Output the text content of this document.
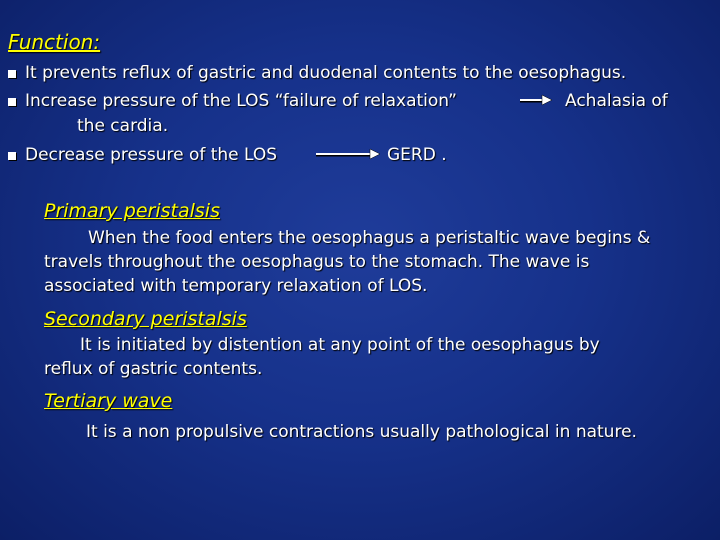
Function:
It prevents reflux of gastric and duodenal contents to the oesophagus.
Increase pressure of the LOS “failure of relaxation”	Achalasia of
the cardia.
Decrease pressure of the LOS	GERD .
Primary peristalsis
When the food enters the oesophagus a peristaltic wave begins &
travels throughout the oesophagus to the stomach. The wave is
associated with temporary relaxation of LOS.
Secondary peristalsis
It is initiated by distention at any point of the oesophagus by
reflux of gastric contents.
Tertiary wave
It is a non propulsive contractions usually pathological in nature.
